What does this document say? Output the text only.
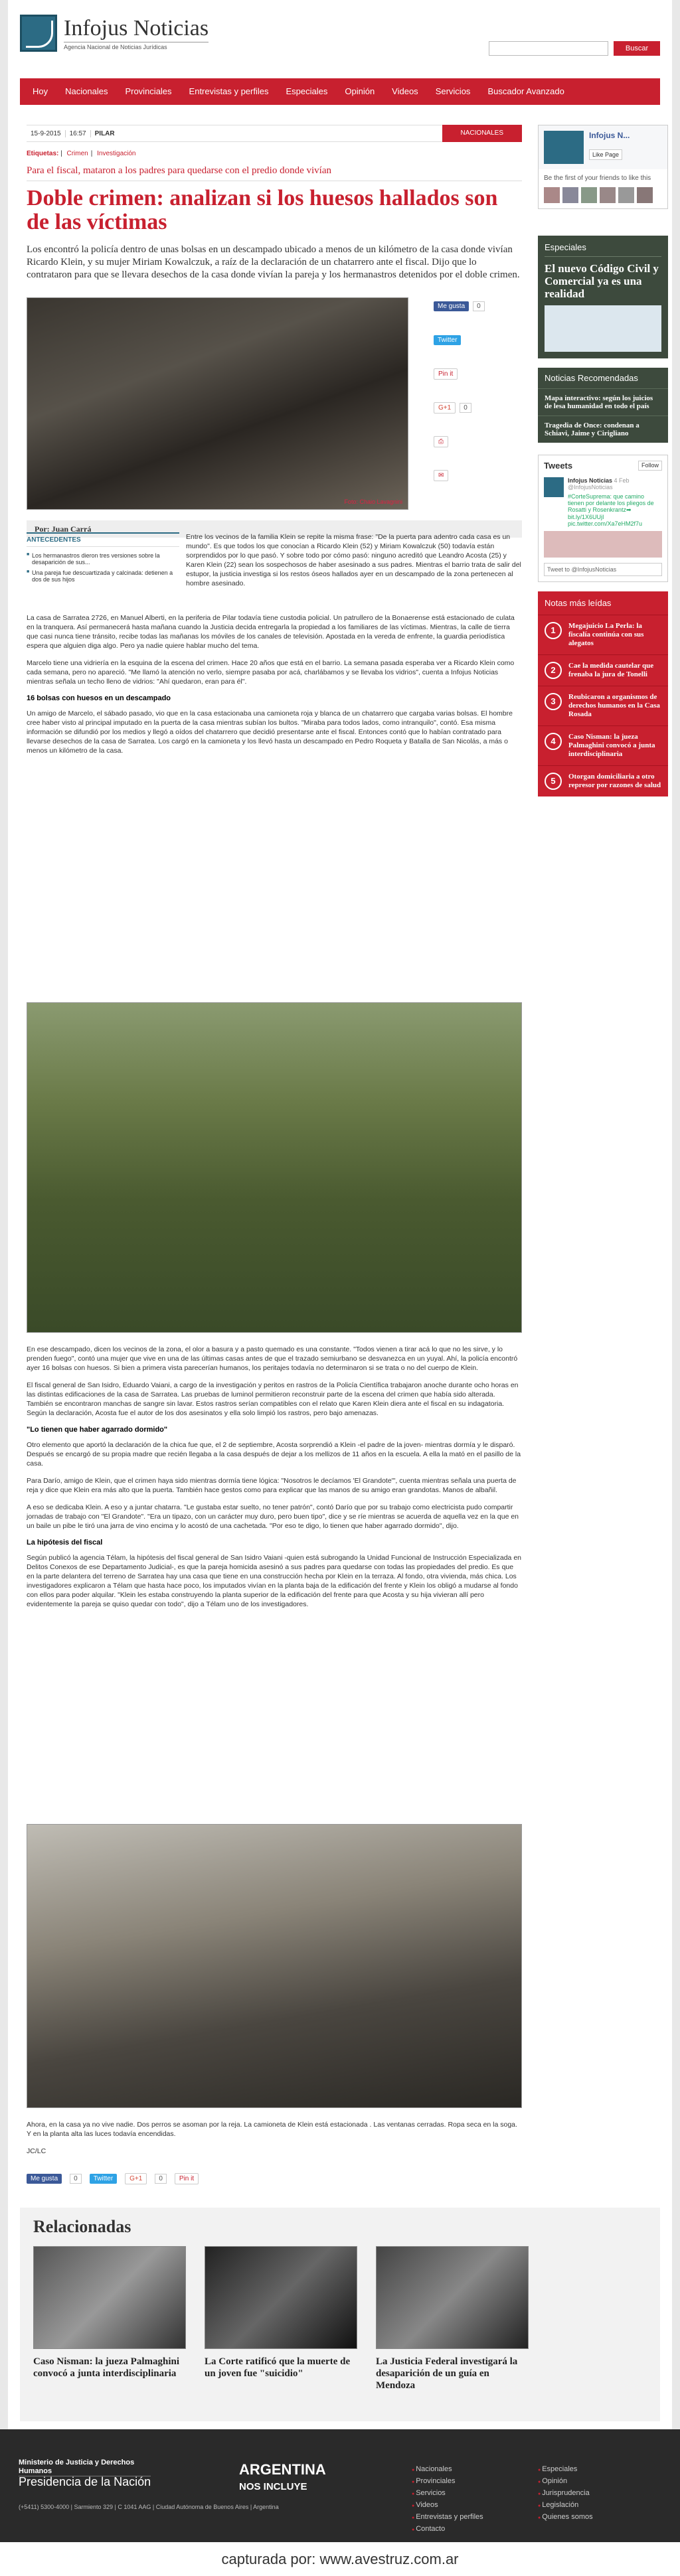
Infojus Noticias
Agencia Nacional de Noticias Jurídicas	Buscar
Hoy	Nacionales	Provinciales	Entrevistas y perfiles	Especiales	Opinión	Videos	Servicios	Buscador Avanzado
15-9-2015	16:57	PILAR	NACIONALES
Etiquetas: | Crimen | Investigación
Para el fiscal, mataron a los padres para quedarse con el predio donde vivían
Doble crimen: analizan si los huesos hallados son de las víctimas
Los encontró la policía dentro de unas bolsas en un descampado ubicado a menos de un kilómetro de la casa donde vivían Ricardo Klein, y su mujer Miriam Kowalczuk, a raíz de la declaración de un chatarrero ante el fiscal. Dijo que lo contrataron para que se llevara desechos de la casa donde vivían la pareja y los hermanastros detenidos por el doble crimen.
Foto: Chaio Lavagnini
Me gusta	0
Twitter
Pin it
G+1	0
⎙
✉
Por: Juan Carrá
ANTECEDENTES
■ Los hermanastros dieron tres versiones sobre la desaparición de sus...
■ Una pareja fue descuartizada y calcinada: detienen a dos de sus hijos

Entre los vecinos de la familia Klein se repite la misma frase: "De la puerta para adentro cada casa es un mundo". Es que todos los que conocían a Ricardo Klein (52) y Miriam Kowalczuk (50) todavía están sorprendidos por lo que pasó. Y sobre todo por cómo pasó: ninguno acreditó que Leandro Acosta (25) y Karen Klein (22) sean los sospechosos de haber asesinado a sus padres. Mientras el barrio trata de salir del estupor, la justicia investiga si los restos óseos hallados ayer en un descampado de la zona pertenecen al hombre asesinado.

La casa de Sarratea 2726, en Manuel Alberti, en la periferia de Pilar todavía tiene custodia policial. Un patrullero de la Bonaerense está estacionado de culata en la tranquera. Así permanecerá hasta mañana cuando la Justicia decida entregarla la propiedad a los familiares de las víctimas. Mientras, la calle de tierra que casi nunca tiene tránsito, recibe todas las mañanas los móviles de los canales de televisión. Apostada en la vereda de enfrente, la guardia periodística espera que alguien diga algo. Pero ya nadie quiere hablar mucho del tema.

Marcelo tiene una vidriería en la esquina de la escena del crimen. Hace 20 años que está en el barrio. La semana pasada esperaba ver a Ricardo Klein como cada semana, pero no apareció. "Me llamó la atención no verlo, siempre pasaba por acá, charlábamos y se llevaba los vidrios", cuenta a Infojus Noticias mientras señala un techo lleno de vidrios: "Ahí quedaron, eran para él".

16 bolsas con huesos en un descampado

Un amigo de Marcelo, el sábado pasado, vio que en la casa estacionaba una camioneta roja y blanca de un chatarrero que cargaba varias bolsas. El hombre cree haber visto al principal imputado en la puerta de la casa mientras subían los bultos. "Miraba para todos lados, como intranquilo", contó. Esa misma información se difundió por los medios y llegó a oídos del chatarrero que decidió presentarse ante el fiscal. Entonces contó que lo habían contratado para llevarse desechos de la casa de Sarratea. Los cargó en la camioneta y los llevó hasta un descampado en Pedro Roqueta y Batalla de San Nicolás, a más o menos un kilómetro de la casa.

En ese descampado, dicen los vecinos de la zona, el olor a basura y a pasto quemado es una constante. "Todos vienen a tirar acá lo que no les sirve, y lo prenden fuego", contó una mujer que vive en una de las últimas casas antes de que el trazado semiurbano se desvanezca en un yuyal. Ahí, la policía encontró ayer 16 bolsas con huesos. Si bien a primera vista parecerían humanos, los peritajes todavía no determinaron si se trata o no del cuerpo de Klein.

El fiscal general de San Isidro, Eduardo Vaiani, a cargo de la investigación y peritos en rastros de la Policía Científica trabajaron anoche durante ocho horas en las distintas edificaciones de la casa de Sarratea. Las pruebas de luminol permitieron reconstruir parte de la escena del crimen que había sido alterada. También se encontraron manchas de sangre sin lavar. Estos rastros serían compatibles con el relato que Karen Klein diera ante el fiscal en su indagatoria. Según la declaración, Acosta fue el autor de los dos asesinatos y ella solo limpió los rastros, pero bajo amenazas.

"Lo tienen que haber agarrado dormido"

Otro elemento que aportó la declaración de la chica fue que, el 2 de septiembre, Acosta sorprendió a Klein -el padre de la joven- mientras dormía y le disparó. Después se encargó de su propia madre que recién llegaba a la casa después de dejar a los mellizos de 11 años en la escuela. A ella la mató en el pasillo de la casa.

Para Darío, amigo de Klein, que el crimen haya sido mientras dormía tiene lógica: "Nosotros le decíamos 'El Grandote'", cuenta mientras señala una puerta de reja y dice que Klein era más alto que la puerta. También hace gestos como para explicar que las manos de su amigo eran grandotas. Manos de albañil.

A eso se dedicaba Klein. A eso y a juntar chatarra. "Le gustaba estar suelto, no tener patrón", contó Darío que por su trabajo como electricista pudo compartir jornadas de trabajo con "El Grandote". "Era un tipazo, con un carácter muy duro, pero buen tipo", dice y se ríe mientras se acuerda de aquella vez en la que en un baile un pibe le tiró una jarra de vino encima y lo acostó de una cachetada. "Por eso te digo, lo tienen que haber agarrado dormido", dijo.

La hipótesis del fiscal

Según publicó la agencia Télam, la hipótesis del fiscal general de San Isidro Vaiani -quien está subrogando la Unidad Funcional de Instrucción Especializada en Delitos Conexos de ese Departamento Judicial-, es que la pareja homicida asesinó a sus padres para quedarse con todas las propiedades del predio. Es que en la parte delantera del terreno de Sarratea hay una casa que tiene en una construcción hecha por Klein en la terraza. Al fondo, otra vivienda, más chica. Los investigadores explicaron a Télam que hasta hace poco, los imputados vivían en la planta baja de la edificación del frente y Klein los obligó a mudarse al fondo con ellos para poder alquilar. "Klein les estaba construyendo la planta superior de la edificación del frente para que Acosta y su hija vivieran allí pero evidentemente la pareja se quiso quedar con todo", dijo a Télam uno de los investigadores.

Ahora, en la casa ya no vive nadie. Dos perros se asoman por la reja. La camioneta de Klein está estacionada . Las ventanas cerradas. Ropa seca en la soga. Y en la planta alta las luces todavía encendidas.

JC/LC

Me gusta	0	Twitter	G+1	0	Pin it
Infojus N...
Like Page
Be the first of your friends to like this
Especiales
El nuevo Código Civil y Comercial ya es una realidad
Noticias Recomendadas
Mapa interactivo: según los juicios de lesa humanidad en todo el país
Tragedia de Once: condenan a Schiavi, Jaime y Cirigliano
Tweets	Follow
Infojus Noticias 4 Feb
@InfojusNoticias
#CorteSuprema: que camino tienen por delante los pliegos de Rosatti y Rosenkrantz➡ bit.ly/1X6UUjI pic.twitter.com/Xa7eHM2f7u
Tweet to @InfojusNoticias
Notas más leídas
1	Megajuicio La Perla: la fiscalía continúa con sus alegatos
2	Cae la medida cautelar que frenaba la jura de Tonelli
3	Reubicaron a organismos de derechos humanos en la Casa Rosada
4	Caso Nisman: la jueza Palmaghini convocó a junta interdisciplinaria
5	Otorgan domiciliaria a otro represor por razones de salud
Relacionadas
Caso Nisman: la jueza Palmaghini convocó a junta interdisciplinaria
La Corte ratificó que la muerte de un joven fue "suicidio"
La Justicia Federal investigará la desaparición de un guía en Mendoza
Ministerio de Justicia y Derechos Humanos
Presidencia de la Nación
ARGENTINA
NOS INCLUYE
(+5411) 5300-4000 | Sarmiento 329 | C 1041 AAG | Ciudad Autónoma de Buenos Aires | Argentina
● Nacionales
● Provinciales
● Servicios
● Videos
● Entrevistas y perfiles
● Contacto
● Especiales
● Opinión
● Jurisprudencia
● Legislación
● Quienes somos
capturada por: www.avestruz.com.ar
